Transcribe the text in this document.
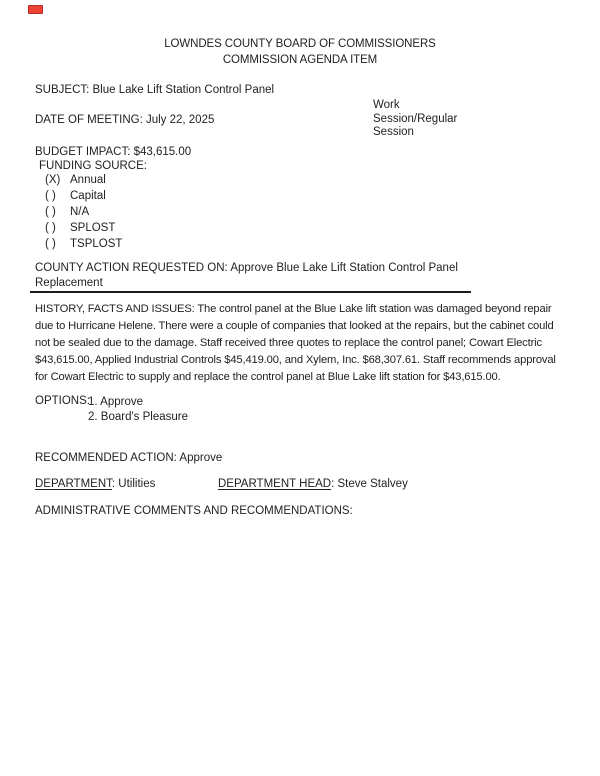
LOWNDES COUNTY BOARD OF COMMISSIONERS
COMMISSION AGENDA ITEM
SUBJECT: Blue Lake Lift Station Control Panel
Work
Session/Regular
Session
DATE OF MEETING: July 22, 2025
BUDGET IMPACT: $43,615.00
FUNDING SOURCE:
(X) Annual
( ) Capital
( ) N/A
( ) SPLOST
( ) TSPLOST
COUNTY ACTION REQUESTED ON: Approve Blue Lake Lift Station Control Panel
Replacement
HISTORY, FACTS AND ISSUES: The control panel at the Blue Lake lift station was damaged beyond repair due to Hurricane Helene. There were a couple of companies that looked at the repairs, but the cabinet could not be sealed due to the damage. Staff received three quotes to replace the control panel; Cowart Electric $43,615.00, Applied Industrial Controls $45,419.00, and Xylem, Inc. $68,307.61. Staff recommends approval for Cowart Electric to supply and replace the control panel at Blue Lake lift station for $43,615.00.
OPTIONS:
1. Approve
2. Board's Pleasure
RECOMMENDED ACTION: Approve
DEPARTMENT: Utilities	DEPARTMENT HEAD: Steve Stalvey
ADMINISTRATIVE COMMENTS AND RECOMMENDATIONS:
